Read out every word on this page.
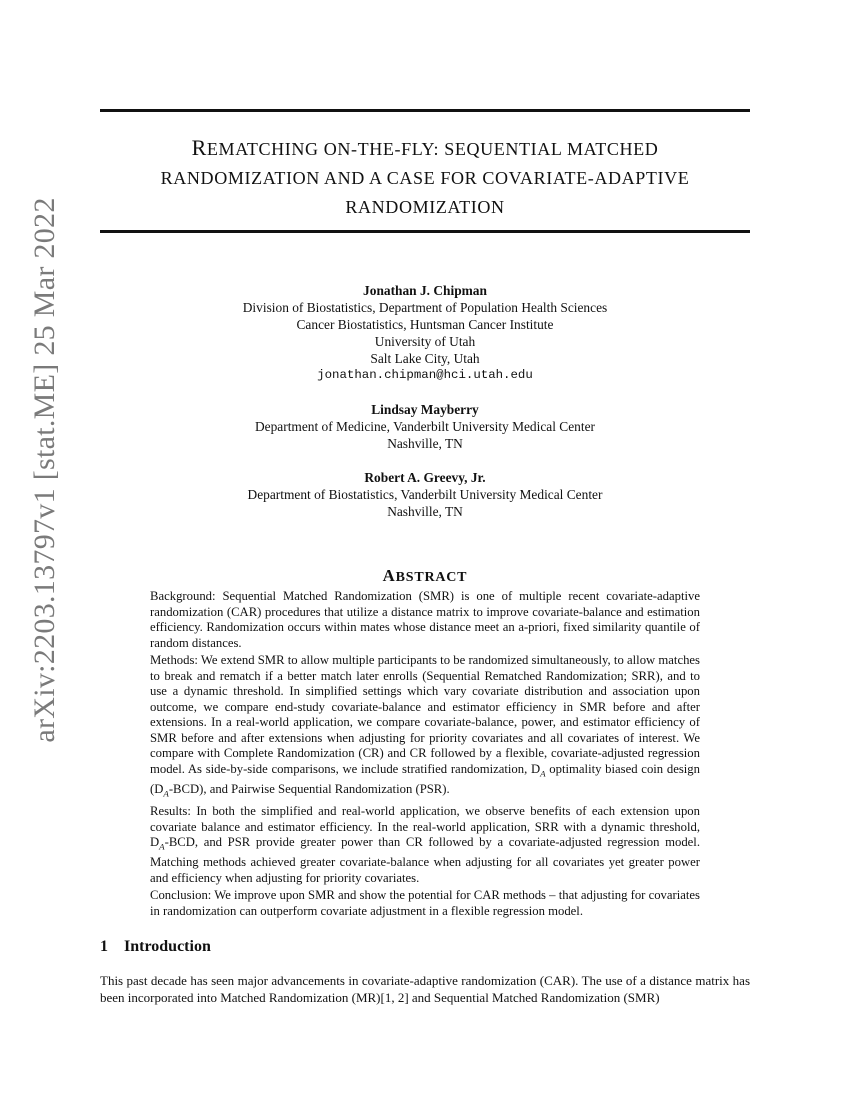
arXiv:2203.13797v1 [stat.ME] 25 Mar 2022
REMATCHING ON-THE-FLY: SEQUENTIAL MATCHED
RANDOMIZATION AND A CASE FOR COVARIATE-ADAPTIVE
RANDOMIZATION
Jonathan J. Chipman
Division of Biostatistics, Department of Population Health Sciences
Cancer Biostatistics, Huntsman Cancer Institute
University of Utah
Salt Lake City, Utah
jonathan.chipman@hci.utah.edu
Lindsay Mayberry
Department of Medicine, Vanderbilt University Medical Center
Nashville, TN
Robert A. Greevy, Jr.
Department of Biostatistics, Vanderbilt University Medical Center
Nashville, TN
ABSTRACT

Background: Sequential Matched Randomization (SMR) is one of multiple recent covariate-adaptive randomization (CAR) procedures that utilize a distance matrix to improve covariate-balance and estimation efficiency. Randomization occurs within mates whose distance meet an a-priori, fixed similarity quantile of random distances.

Methods: We extend SMR to allow multiple participants to be randomized simultaneously, to allow matches to break and rematch if a better match later enrolls (Sequential Rematched Randomization; SRR), and to use a dynamic threshold. In simplified settings which vary covariate distribution and association upon outcome, we compare end-study covariate-balance and estimator efficiency in SMR before and after extensions. In a real-world application, we compare covariate-balance, power, and estimator efficiency of SMR before and after extensions when adjusting for priority covariates and all covariates of interest. We compare with Complete Randomization (CR) and CR followed by a flexible, covariate-adjusted regression model. As side-by-side comparisons, we include stratified randomization, $D_A$ optimality biased coin design $(D_A-BCD)$, and Pairwise Sequential Randomization (PSR).

Results: In both the simplified and real-world application, we observe benefits of each extension upon covariate balance and estimator efficiency. In the real-world application, SRR with a dynamic threshold, $D_A$-BCD, and PSR provide greater power than CR followed by a covariate-adjusted regression model. Matching methods achieved greater covariate-balance when adjusting for all covariates yet greater power and efficiency when adjusting for priority covariates.

Conclusion: We improve upon SMR and show the potential for CAR methods – that adjusting for covariates in randomization can outperform covariate adjustment in a flexible regression model.

1 Introduction

This past decade has seen major advancements in covariate-adaptive randomization (CAR). The use of a distance matrix has been incorporated into Matched Randomization (MR)[1, 2] and Sequential Matched Randomization (SMR)
